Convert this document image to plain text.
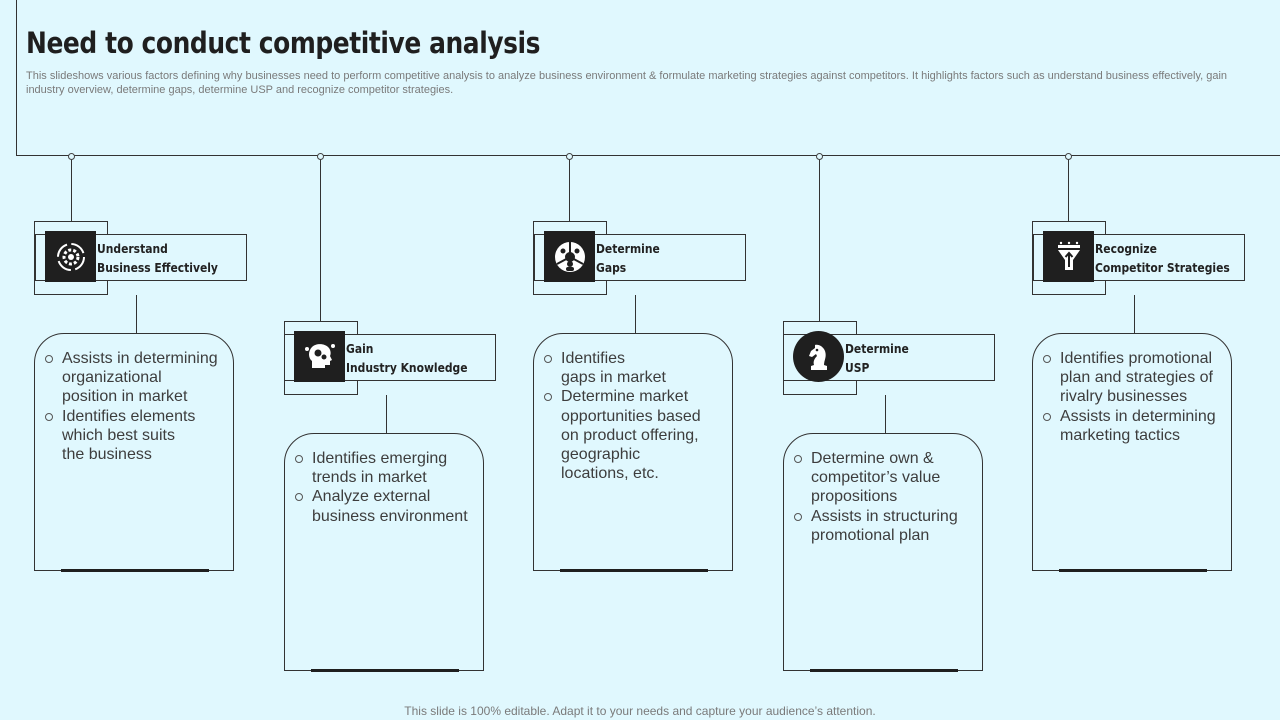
Need to conduct competitive analysis

This slideshows various factors defining why businesses need to perform competitive analysis to analyze business environment & formulate marketing strategies against competitors. It highlights factors such as understand business effectively, gain industry overview, determine gaps, determine USP and recognize competitor strategies.

Understand
Business Effectively
Assists in determining
organizational
position in market
Identifies elements
which best suits
the business
Gain
Industry Knowledge
Identifies emerging
trends in market
Analyze external
business environment
Determine
Gaps
Identifies
gaps in market
Determine market
opportunities based
on product offering,
geographic
locations, etc.
Determine
USP
Determine own &
competitor’s value
propositions
Assists in structuring
promotional plan
Recognize
Competitor Strategies
Identifies promotional
plan and strategies of
rivalry businesses
Assists in determining
marketing tactics
This slide is 100% editable. Adapt it to your needs and capture your audience’s attention.
